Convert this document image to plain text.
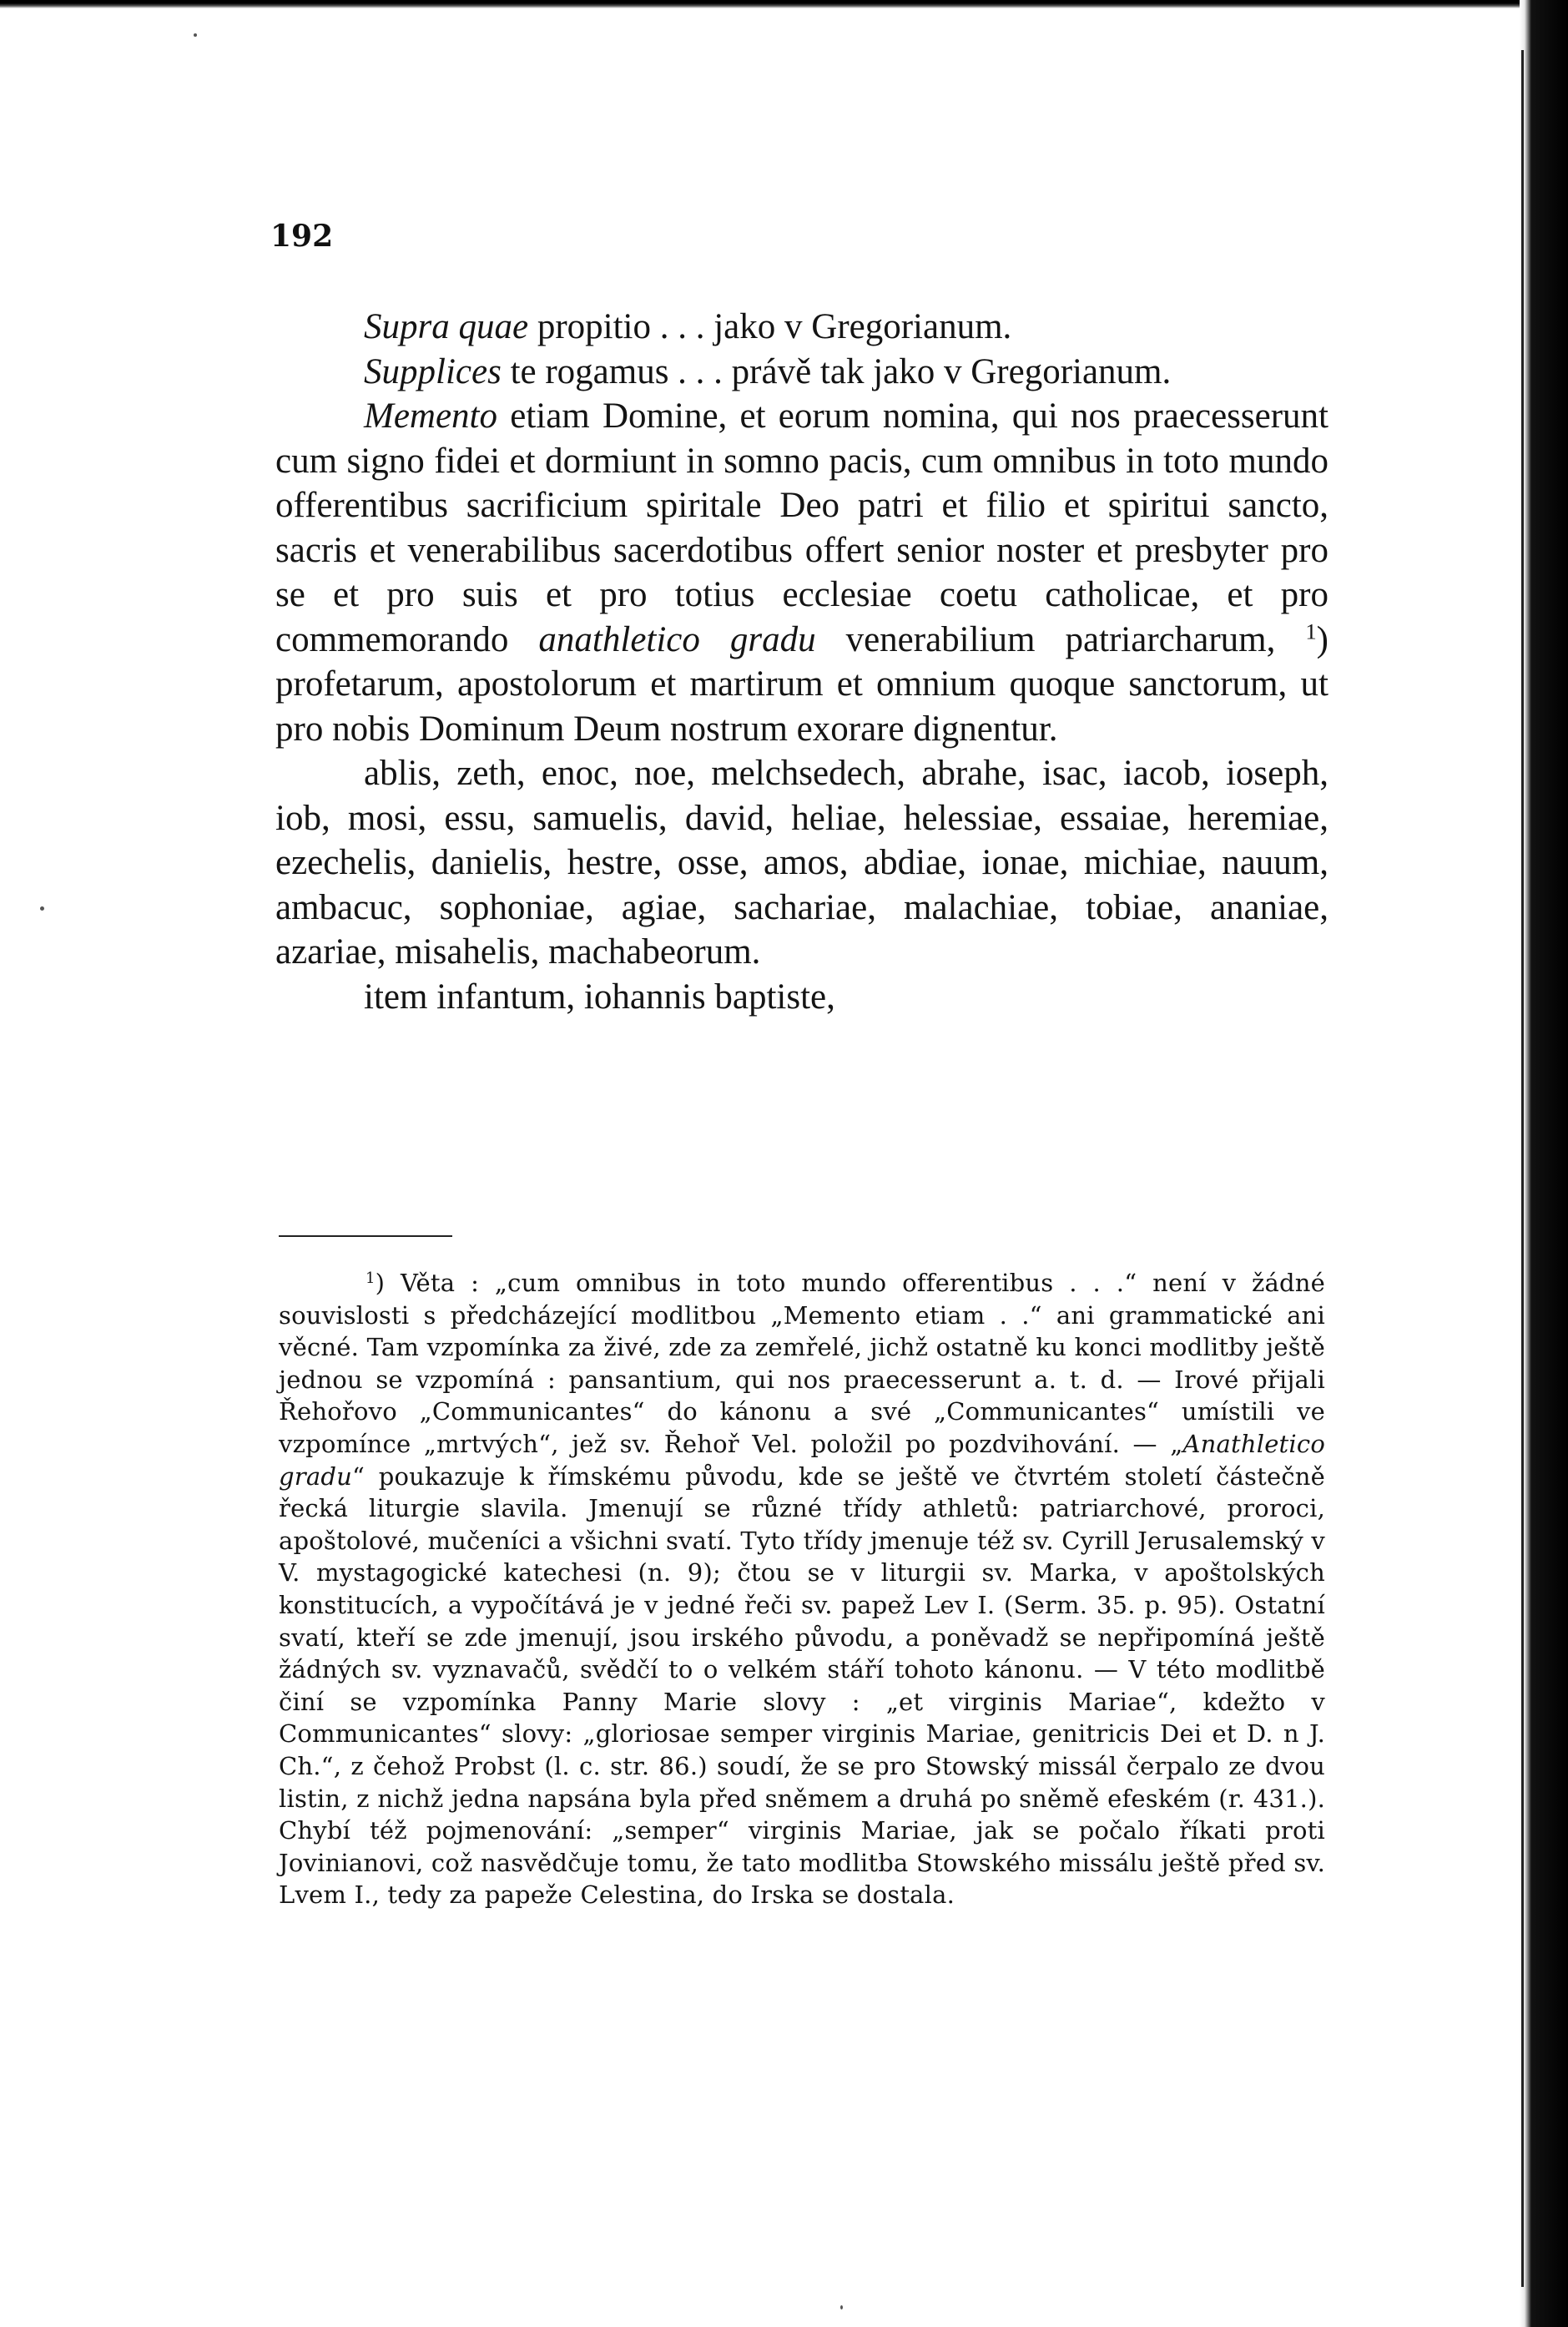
192

Supra quae propitio . . . jako v Gregorianum.

Supplices te rogamus . . . právě tak jako v Gregorianum.

Memento etiam Domine, et eorum nomina, qui nos praecesserunt cum signo fidei et dormiunt in somno pacis, cum omnibus in toto mundo offerentibus sacrificium spiritale Deo patri et filio et spiritui sancto, sacris et venerabilibus sacerdotibus offert senior noster et presbyter pro se et pro suis et pro totius ecclesiae coetu catholicae, et pro commemorando anathletico gradu venerabilium patriarcharum, $^1$) profetarum, apostolorum et martirum et omnium quoque sanctorum, ut pro nobis Dominum Deum nostrum exorare dignentur.

ablis, zeth, enoc, noe, melchsedech, abrahe, isac, iacob, ioseph, iob, mosi, essu, samuelis, david, heliae, helessiae, essaiae, heremiae, ezechelis, danielis, hestre, osse, amos, abdiae, ionae, michiae, nauum, ambacuc, sophoniae, agiae, sachariae, malachiae, tobiae, ananiae, azariae, misahelis, machabeorum.

item infantum, iohannis baptiste,

$^1$) Věta : „cum omnibus in toto mundo offerentibus . . .“ není v žádné souvislosti s předcházející modlitbou „Memento etiam . .“ ani grammatické ani věcné. Tam vzpomínka za živé, zde za zemřelé, jichž ostatně ku konci modlitby ještě jednou se vzpomíná : pansantium, qui nos praecesserunt a. t. d. — Irové přijali Řehořovo „Communicantes“ do kánonu a své „Communicantes“ umístili ve vzpomínce „mrtvých“, jež sv. Řehoř Vel. položil po pozdvihování. — „Anathletico gradu“ poukazuje k římskému původu, kde se ještě ve čtvrtém století částečně řecká liturgie slavila. Jmenují se různé třídy athletů: patriarchové, proroci, apoštolové, mučeníci a všichni svatí. Tyto třídy jmenuje též sv. Cyrill Jerusalemský v V. mystagogické katechesi (n. 9); čtou se v liturgii sv. Marka, v apoštolských konstitucích, a vypočítává je v jedné řeči sv. papež Lev I. (Serm. 35. p. 95). Ostatní svatí, kteří se zde jmenují, jsou irského původu, a poněvadž se nepřipomíná ještě žádných sv. vyznavačů, svědčí to o velkém stáří tohoto kánonu. — V této modlitbě činí se vzpomínka Panny Marie slovy : „et virginis Mariae“, kdežto v Communicantes“ slovy: „gloriosae semper virginis Mariae, genitricis Dei et D. n J. Ch.“, z čehož Probst (l. c. str. 86.) soudí, že se pro Stowský missál čerpalo ze dvou listin, z nichž jedna napsána byla před sněmem a druhá po sněmě efeském (r. 431.). Chybí též pojmenování: „semper“ virginis Mariae, jak se počalo říkati proti Jovinianovi, což nasvědčuje tomu, že tato modlitba Stowského missálu ještě před sv. Lvem I., tedy za papeže Celestina, do Irska se dostala.
